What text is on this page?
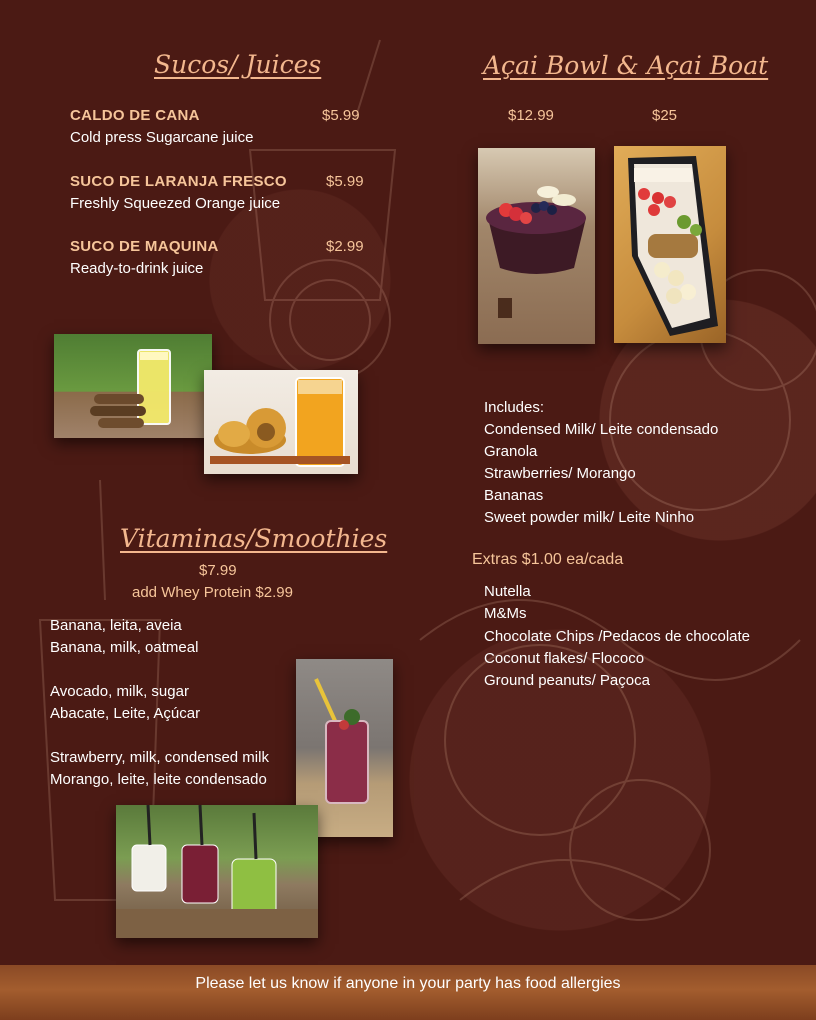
Sucos/ Juices
CALDO DE CANA	$5.99
Cold press Sugarcane juice
SUCO DE LARANJA FRESCO	$5.99
Freshly Squeezed Orange juice
SUCO DE MAQUINA	$2.99
Ready-to-drink juice
Açai Bowl & Açai Boat
$12.99	$25
Includes:
Condensed Milk/ Leite condensado
Granola
Strawberries/ Morango
Bananas
Sweet powder milk/ Leite Ninho
Extras $1.00 ea/cada
Nutella
M&Ms
Chocolate Chips /Pedacos de chocolate
Coconut flakes/ Flococo
Ground peanuts/ Paçoca
Vitaminas/Smoothies
$7.99
add Whey Protein $2.99
Banana, leita, aveia
Banana, milk, oatmeal
Avocado, milk, sugar
Abacate, Leite, Açúcar
Strawberry, milk, condensed milk
Morango, leite, leite condensado
Please let us know if anyone in your party has food allergies
